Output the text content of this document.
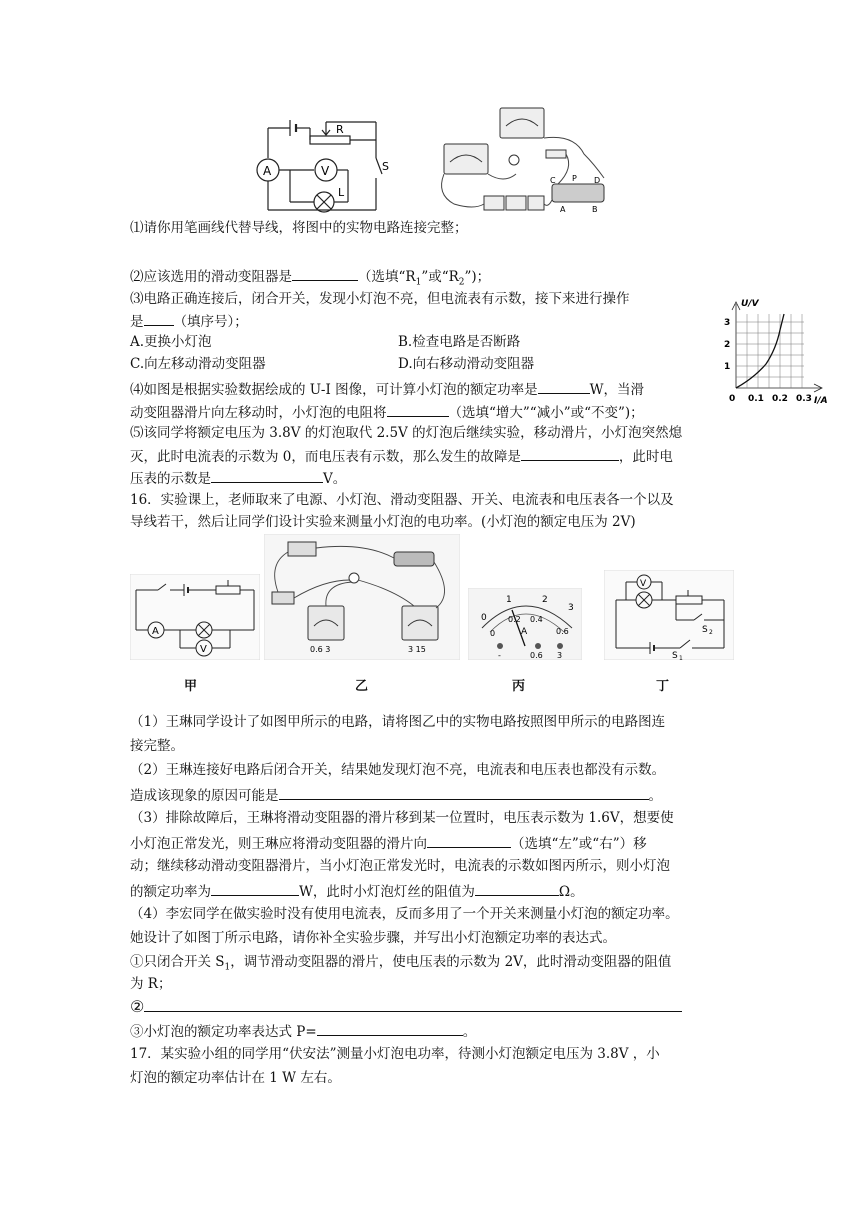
A	V
R
S
L
C P D
A	B
⑴请你用笔画线代替导线，将图中的实物电路连接完整；
⑵应该选用的滑动变阻器是	（选填“$R_1$”或“$R_2$”)；
⑶电路正确连接后，闭合开关，发现小灯泡不亮，但电流表有示数，接下来进行操作
是 （填序号）；
A.更换小灯泡	B.检查电路是否断路
C.向左移动滑动变阻器	D.向右移动滑动变阻器
⑷如图是根据实验数据绘成的 U-I 图像，可计算小灯泡的额定功率是	W，当滑
动变阻器滑片向左移动时，小灯泡的电阻将	（选填“增大”“减小”或“不变”)；
U/V
I/A
1
2
3
0 0.1 0.2 0.3
⑸该同学将额定电压为 3.8V 的灯泡取代 2.5V 的灯泡后继续实验，移动滑片，小灯泡突然熄
灭，此时电流表的示数为 0，而电压表有示数，那么发生的故障是	，此时电
压表的示数是	V。
16．实验课上，老师取来了电源、小灯泡、滑动变阻器、开关、电流表和电压表各一个以及
导线若干，然后让同学们设计实验来测量小灯泡的电功率。(小灯泡的额定电压为 2V)
A
V	0.6 3	3 15
0
1	2
3
0
0.2 0.4
0.6
A
-	0.6 3
V
S 2
S 1
甲	乙	丙	丁
（1）王琳同学设计了如图甲所示的电路，请将图乙中的实物电路按照图甲所示的电路图连
接完整。
（2）王琳连接好电路后闭合开关，结果她发现灯泡不亮，电流表和电压表也都没有示数。
造成该现象的原因可能是	。
（3）排除故障后，王琳将滑动变阻器的滑片移到某一位置时，电压表示数为 1.6V，想要使
小灯泡正常发光，则王琳应将滑动变阻器的滑片向	（选填“左”或“右”）移
动；继续移动滑动变阻器滑片，当小灯泡正常发光时，电流表的示数如图丙所示，则小灯泡
的额定功率为	W，此时小灯泡灯丝的阻值为	Ω。
（4）李宏同学在做实验时没有使用电流表，反而多用了一个开关来测量小灯泡的额定功率。
她设计了如图丁所示电路，请你补全实验步骤，并写出小灯泡额定功率的表达式。
①只闭合开关 $S_1$，调节滑动变阻器的滑片，使电压表的示数为 2V，此时滑动变阻器的阻值
为 R；
②
③小灯泡的额定功率表达式 P=	。
17．某实验小组的同学用“伏安法”测量小灯泡电功率，待测小灯泡额定电压为 3.8V ，小
灯泡的额定功率估计在 1 W 左右。
